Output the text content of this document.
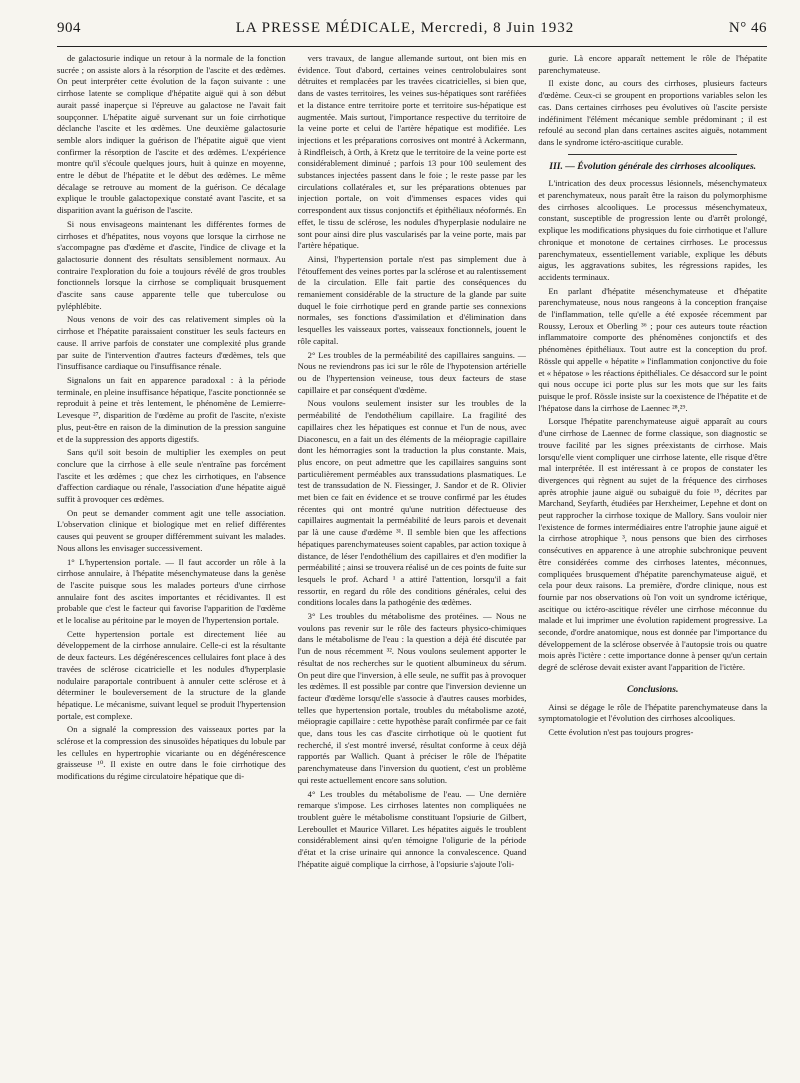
904	LA PRESSE MÉDICALE, Mercredi, 8 Juin 1932	N° 46

de galactosurie indique un retour à la normale de la fonction sucrée ; on assiste alors à la résorption de l'ascite et des œdèmes. On peut interpréter cette évolution de la façon suivante : une cirrhose latente se complique d'hépatite aiguë qui à son début aurait passé inaperçue si l'épreuve au galactose ne l'avait fait soupçonner. L'hépatite aiguë survenant sur un foie cirrhotique déclanche l'ascite et les œdèmes. Une deuxième galactosurie semble alors indiquer la guérison de l'hépatite aiguë que vient confirmer la résorption de l'ascite et des œdèmes. L'expérience montre qu'il s'écoule quelques jours, huit à quinze en moyenne, entre le début de l'hépatite et le début des œdèmes. Le même décalage se retrouve au moment de la guérison. Ce décalage explique le trouble galactopexique constaté avant l'ascite, et sa disparition avant la guérison de l'ascite.

Si nous envisageons maintenant les différentes formes de cirrhoses et d'hépatites, nous voyons que lorsque la cirrhose ne s'accompagne pas d'œdème et d'ascite, l'indice de clivage et la galactosurie donnent des résultats sensiblement normaux. Au contraire l'exploration du foie a toujours révélé de gros troubles fonctionnels lorsque la cirrhose se compliquait brusquement d'ascite sans cause apparente telle que tuberculose ou pyléphlébite.

Nous venons de voir des cas relativement simples où la cirrhose et l'hépatite paraissaient constituer les seuls facteurs en cause. Il arrive parfois de constater une complexité plus grande par suite de l'intervention d'autres facteurs d'œdèmes, tels que l'insuffisance cardiaque ou l'insuffisance rénale.

Signalons un fait en apparence paradoxal : à la période terminale, en pleine insuffisance hépatique, l'ascite ponctionnée se reproduit à peine et très lentement, le phénomène de Lemierre-Levesque ²⁷, disparition de l'œdème au profit de l'ascite, n'existe plus, peut-être en raison de la diminution de la pression sanguine et de la suppression des apports digestifs.

Sans qu'il soit besoin de multiplier les exemples on peut conclure que la cirrhose à elle seule n'entraîne pas forcément l'ascite et les œdèmes ; que chez les cirrhotiques, en l'absence d'affection cardiaque ou rénale, l'association d'une hépatite aiguë suffit à provoquer ces œdèmes.

On peut se demander comment agit une telle association. L'observation clinique et biologique met en relief différentes causes qui peuvent se grouper différemment suivant les malades. Nous allons les envisager successivement.

1° L'hypertension portale. — Il faut accorder un rôle à la cirrhose annulaire, à l'hépatite mésenchymateuse dans la genèse de l'ascite puisque sous les malades porteurs d'une cirrhose annulaire font des ascites importantes et récidivantes. Il est probable que c'est le facteur qui favorise l'apparition de l'œdème et le localise au péritoine par le moyen de l'hypertension portale.

Cette hypertension portale est directement liée au développement de la cirrhose annulaire. Celle-ci est la résultante de deux facteurs. Les dégénérescences cellulaires font place à des travées de sclérose cicatricielle et les nodules d'hyperplasie nodulaire paraportale contribuent à annuler cette sclérose et à déterminer le bouleversement de la structure de la glande hépatique. Le mécanisme, suivant lequel se produit l'hypertension portale, est complexe.

On a signalé la compression des vaisseaux portes par la sclérose et la compression des sinusoïdes hépatiques du lobule par les cellules en hypertrophie vicariante ou en dégénérescence graisseuse ¹⁰. Il existe en outre dans le foie cirrhotique des modifications du régime circulatoire hépatique que di-

vers travaux, de langue allemande surtout, ont bien mis en évidence. Tout d'abord, certaines veines centrolobulaires sont détruites et remplacées par les travées cicatricielles, si bien que, dans de vastes territoires, les veines sus-hépatiques sont raréfiées et la distance entre territoire porte et territoire sus-hépatique est augmentée. Mais surtout, l'importance respective du territoire de la veine porte et celui de l'artère hépatique est modifiée. Les injections et les préparations corrosives ont montré à Ackermann, à Rindfleisch, à Orth, à Kretz que le territoire de la veine porte est considérablement diminué ; parfois 13 pour 100 seulement des substances injectées passent dans le foie ; le reste passe par les circulations collatérales et, sur les préparations obtenues par injection portale, on voit d'immenses espaces vides qui correspondent aux tissus conjonctifs et épithéliaux néoformés. En effet, le tissu de sclérose, les nodules d'hyperplasie nodulaire ne sont pour ainsi dire plus vascularisés par la veine porte, mais par l'artère hépatique.

Ainsi, l'hypertension portale n'est pas simplement due à l'étouffement des veines portes par la sclérose et au ralentissement de la circulation. Elle fait partie des conséquences du remaniement considérable de la structure de la glande par suite duquel le foie cirrhotique perd en grande partie ses connexions normales, ses fonctions d'assimilation et d'élimination dans lesquelles les vaisseaux portes, vaisseaux fonctionnels, jouent le rôle capital.

2° Les troubles de la perméabilité des capillaires sanguins. — Nous ne reviendrons pas ici sur le rôle de l'hypotension artérielle ou de l'hypertension veineuse, tous deux facteurs de stase capillaire et par conséquent d'œdème.

Nous voulons seulement insister sur les troubles de la perméabilité de l'endothélium capillaire. La fragilité des capillaires chez les hépatiques est connue et l'un de nous, avec Diaconescu, en a fait un des éléments de la méiopragie capillaire dont les hémorragies sont la traduction la plus constante. Mais, plus encore, on peut admettre que les capillaires sanguins sont particulièrement perméables aux transsudations plasmatiques. Le test de transsudation de N. Fiessinger, J. Sandor et de R. Olivier met bien ce fait en évidence et se trouve confirmé par les études récentes qui ont montré qu'une nutrition défectueuse des capillaires augmentait la perméabilité de leurs parois et devenait par là une cause d'œdème ³¹. Il semble bien que les affections hépatiques parenchymateuses soient capables, par action toxique à distance, de léser l'endothélium des capillaires et d'en modifier la perméabilité ; ainsi se trouvera réalisé un de ces points de fuite sur lesquels le prof. Achard ¹ a attiré l'attention, lorsqu'il a fait ressortir, en regard du rôle des conditions générales, celui des conditions locales dans la pathogénie des œdèmes.

3° Les troubles du métabolisme des protéines. — Nous ne voulons pas revenir sur le rôle des facteurs physico-chimiques dans le métabolisme de l'eau : la question a déjà été discutée par l'un de nous récemment ³². Nous voulons seulement apporter le résultat de nos recherches sur le quotient albumineux du sérum. On peut dire que l'inversion, à elle seule, ne suffit pas à provoquer les œdèmes. Il est possible par contre que l'inversion devienne un facteur d'œdème lorsqu'elle s'associe à d'autres causes morbides, telles que hypertension portale, troubles du métabolisme azoté, méiopragie capillaire : cette hypothèse paraît confirmée par ce fait que, dans tous les cas d'ascite cirrhotique où le quotient fut recherché, il s'est montré inversé, résultat conforme à ceux déjà rapportés par Wallich. Quant à préciser le rôle de l'hépatite parenchymateuse dans l'inversion du quotient, c'est un problème qui reste actuellement encore sans solution.

4° Les troubles du métabolisme de l'eau. — Une dernière remarque s'impose. Les cirrhoses latentes non compliquées ne troublent guère le métabolisme constituant l'opsiurie de Gilbert, Lereboullet et Maurice Villaret. Les hépatites aiguës le troublent considérablement ainsi qu'en témoigne l'oligurie de la période d'état et la crise urinaire qui annonce la convalescence. Quand l'hépatite aiguë complique la cirrhose, à l'opsiurie s'ajoute l'oli-

gurie. Là encore apparaît nettement le rôle de l'hépatite parenchymateuse.

Il existe donc, au cours des cirrhoses, plusieurs facteurs d'œdème. Ceux-ci se groupent en proportions variables selon les cas. Dans certaines cirrhoses peu évolutives où l'ascite persiste indéfiniment l'élément mécanique semble prédominant ; il est refoulé au second plan dans certaines ascites aiguës, notamment dans le syndrome ictéro-ascitique curable.

III. — Évolution générale des cirrhoses alcooliques.

L'intrication des deux processus lésionnels, mésenchymateux et parenchymateux, nous paraît être la raison du polymorphisme des cirrhoses alcooliques. Le processus mésenchymateux, constant, susceptible de progression lente ou d'arrêt prolongé, explique les modifications physiques du foie cirrhotique et l'allure chronique et monotone de certaines cirrhoses. Le processus parenchymateux, essentiellement variable, explique les débuts aigus, les aggravations subites, les régressions rapides, les accidents terminaux.

En parlant d'hépatite mésenchymateuse et d'hépatite parenchymateuse, nous nous rangeons à la conception française de l'inflammation, telle qu'elle a été exposée récemment par Roussy, Leroux et Oberling ³⁶ ; pour ces auteurs toute réaction inflammatoire comporte des phénomènes conjonctifs et des phénomènes épithéliaux. Tout autre est la conception du prof. Rössle qui appelle « hépatite » l'inflammation conjonctive du foie et « hépatose » les réactions épithéliales. Ce désaccord sur le point qui nous occupe ici porte plus sur les mots que sur les faits puisque le prof. Rössle insiste sur la coexistence de l'hépatite et de l'hépatose dans la cirrhose de Laennec ²⁸,²⁹.

Lorsque l'hépatite parenchymateuse aiguë apparaît au cours d'une cirrhose de Laennec de forme classique, son diagnostic se trouve facilité par les signes préexistants de cirrhose. Mais lorsqu'elle vient compliquer une cirrhose latente, elle risque d'être mal interprétée. Il est intéressant à ce propos de constater les divergences qui règnent au sujet de la fréquence des cirrhoses après atrophie jaune aiguë ou subaiguë du foie ¹⁵, décrites par Marchand, Seyfarth, étudiées par Herxheimer, Lepehne et dont on peut rapprocher la cirrhose toxique de Mallory. Sans vouloir nier l'existence de formes intermédiaires entre l'atrophie jaune aiguë et la cirrhose atrophique ³, nous pensons que bien des cirrhoses consécutives en apparence à une atrophie subchronique peuvent être considérées comme des cirrhoses latentes, méconnues, compliquées brusquement d'hépatite parenchymateuse aiguë, et cela pour deux raisons. La première, d'ordre clinique, nous est fournie par nos observations où l'on voit un syndrome ictérique, ascitique ou ictéro-ascitique révéler une cirrhose méconnue du malade et lui imprimer une évolution rapidement progressive. La seconde, d'ordre anatomique, nous est donnée par l'importance du développement de la sclérose observée à l'autopsie trois ou quatre mois après l'ictère : cette importance donne à penser qu'un certain degré de sclérose devait exister avant l'apparition de l'ictère.

Conclusions.

Ainsi se dégage le rôle de l'hépatite parenchymateuse dans la symptomatologie et l'évolution des cirrhoses alcooliques.

Cette évolution n'est pas toujours progres-
